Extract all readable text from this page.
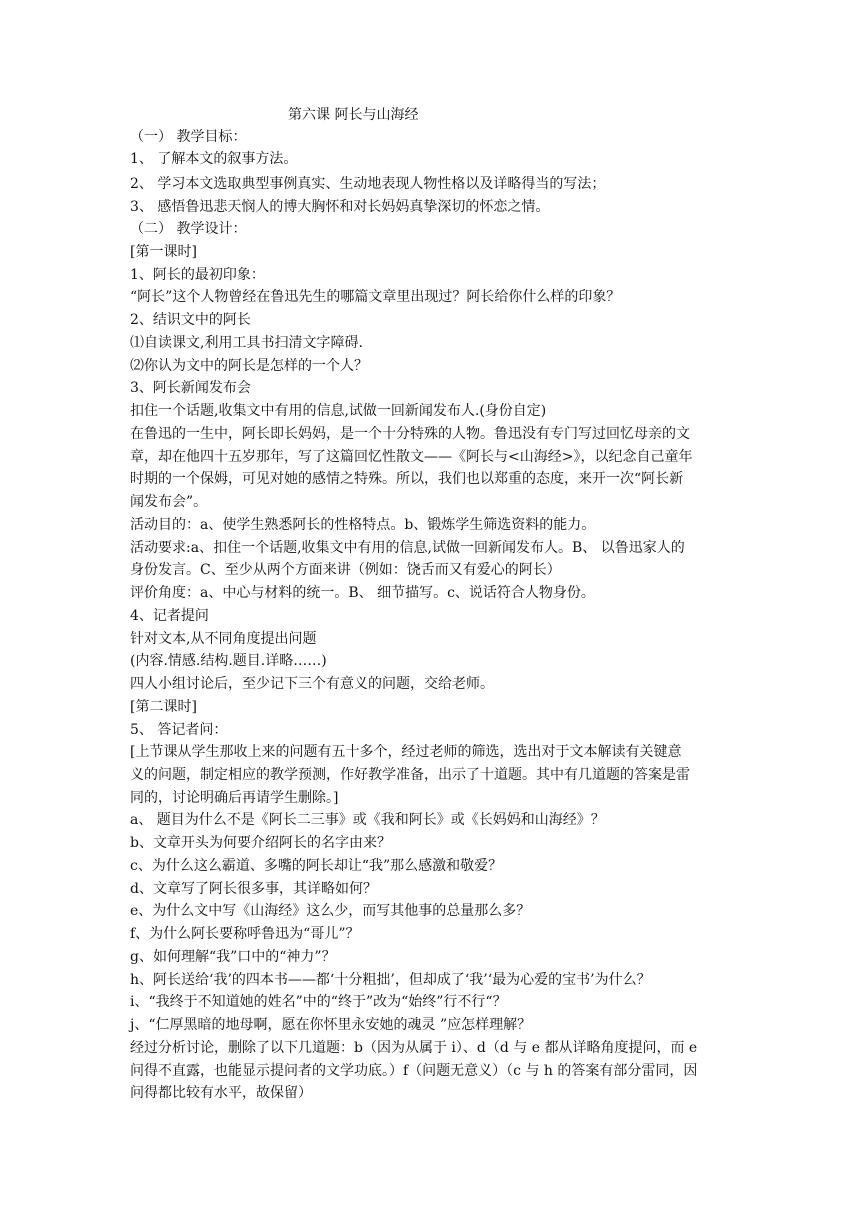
第六课 阿长与山海经
（一） 教学目标：
1、 了解本文的叙事方法。
2、 学习本文选取典型事例真实、生动地表现人物性格以及详略得当的写法；
3、 感悟鲁迅悲天悯人的博大胸怀和对长妈妈真挚深切的怀恋之情。
（二） 教学设计：
[第一课时]
1、阿长的最初印象：
“阿长”这个人物曾经在鲁迅先生的哪篇文章里出现过？阿长给你什么样的印象？
2、结识文中的阿长
⑴自读课文,利用工具书扫清文字障碍.
⑵你认为文中的阿长是怎样的一个人？
3、阿长新闻发布会
扣住一个话题,收集文中有用的信息,试做一回新闻发布人.(身份自定)
在鲁迅的一生中，阿长即长妈妈，是一个十分特殊的人物。鲁迅没有专门写过回忆母亲的文
章，却在他四十五岁那年，写了这篇回忆性散文——《阿长与<山海经>》，以纪念自己童年
时期的一个保姆，可见对她的感情之特殊。所以，我们也以郑重的态度，来开一次“阿长新
闻发布会”。
活动目的：a、使学生熟悉阿长的性格特点。b、锻炼学生筛选资料的能力。
活动要求:a、扣住一个话题,收集文中有用的信息,试做一回新闻发布人。B、 以鲁迅家人的
身份发言。C、至少从两个方面来讲（例如：饶舌而又有爱心的阿长）
评价角度：a、中心与材料的统一。B、 细节描写。c、说话符合人物身份。
4、记者提问
针对文本,从不同角度提出问题
(内容.情感.结构.题目.详略……)
四人小组讨论后，至少记下三个有意义的问题，交给老师。
[第二课时]
5、 答记者问：
[上节课从学生那收上来的问题有五十多个，经过老师的筛选，选出对于文本解读有关键意
义的问题，制定相应的教学预测，作好教学准备，出示了十道题。其中有几道题的答案是雷
同的，讨论明确后再请学生删除。]
a、 题目为什么不是《阿长二三事》或《我和阿长》或《长妈妈和山海经》？
b、文章开头为何要介绍阿长的名字由来？
c、为什么这么霸道、多嘴的阿长却让“我”那么感激和敬爱？
d、文章写了阿长很多事，其详略如何？
e、为什么文中写《山海经》这么少，而写其他事的总量那么多？
f、为什么阿长要称呼鲁迅为“哥儿”？
g、如何理解“我”口中的“神力”？
h、阿长送给‘我’的四本书——都‘十分粗拙’，但却成了‘我’‘最为心爱的宝书’为什么？
i、“我终于不知道她的姓名”中的“终于”改为“始终”行不行“？
j、“仁厚黑暗的地母啊，愿在你怀里永安她的魂灵 ”应怎样理解？
经过分析讨论，删除了以下几道题：b（因为从属于 i）、d（d 与 e 都从详略角度提问，而 e
问得不直露，也能显示提问者的文学功底。）f（问题无意义）（c 与 h 的答案有部分雷同，因
问得都比较有水平，故保留）
